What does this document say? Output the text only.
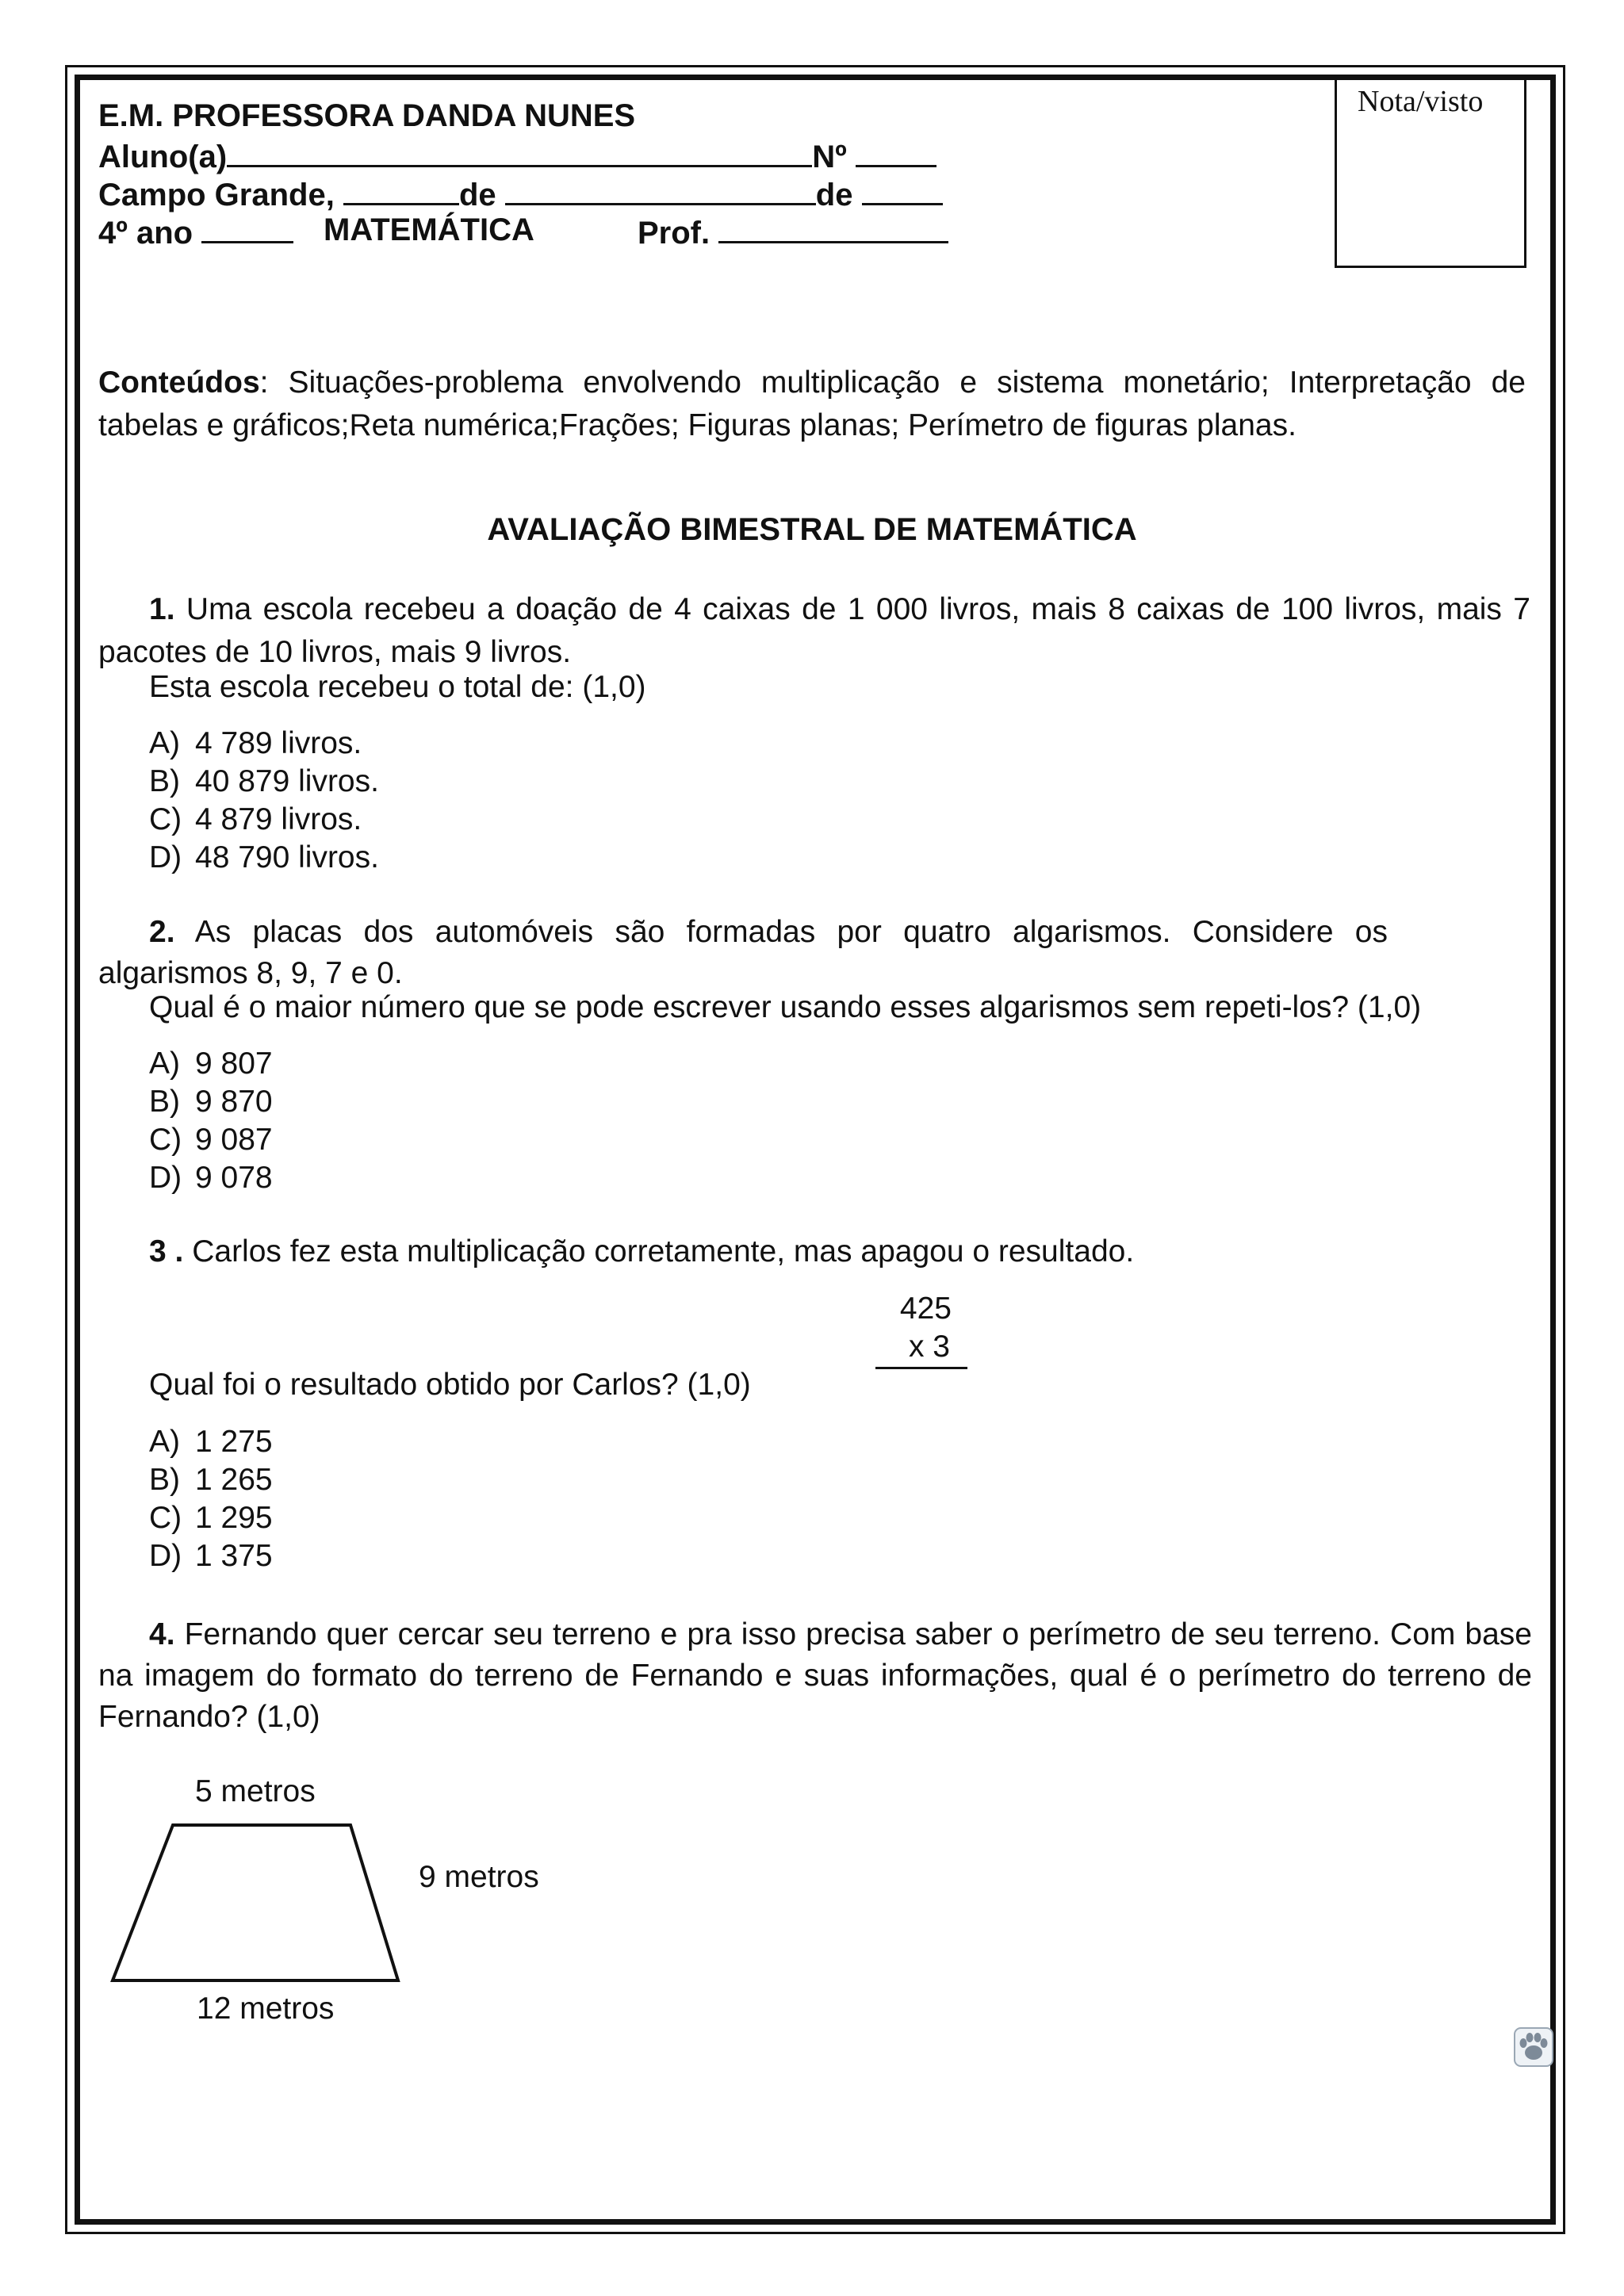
E.M. PROFESSORA DANDA NUNES
Aluno(a)	Nº
Campo Grande,	de	de
4º ano	MATEMÁTICA	Prof.
Nota/visto
Conteúdos: Situações-problema envolvendo multiplicação e sistema monetário; Interpretação de tabelas e gráficos;Reta numérica;Frações; Figuras planas; Perímetro de figuras planas.
AVALIAÇÃO BIMESTRAL DE MATEMÁTICA
1. Uma escola recebeu a doação de 4 caixas de 1 000 livros, mais 8 caixas de 100 livros, mais 7 pacotes de 10 livros, mais 9 livros.
Esta escola recebeu o total de: (1,0)
A) 4 789 livros.
B) 40 879 livros.
C) 4 879 livros.
D) 48 790 livros.
2. As placas dos automóveis são formadas por quatro algarismos. Considere os algarismos 8, 9, 7 e 0.
Qual é o maior número que se pode escrever usando esses algarismos sem repeti-los? (1,0)
A) 9 807
B) 9 870
C) 9 087
D) 9 078
3 . Carlos fez esta multiplicação corretamente, mas apagou o resultado.
425
x 3
Qual foi o resultado obtido por Carlos? (1,0)
A) 1 275
B) 1 265
C) 1 295
D) 1 375
4. Fernando quer cercar seu terreno e pra isso precisa saber o perímetro de seu terreno. Com base na imagem do formato do terreno de Fernando e suas informações, qual é o perímetro do terreno de Fernando? (1,0)
5 metros
9 metros
12 metros
